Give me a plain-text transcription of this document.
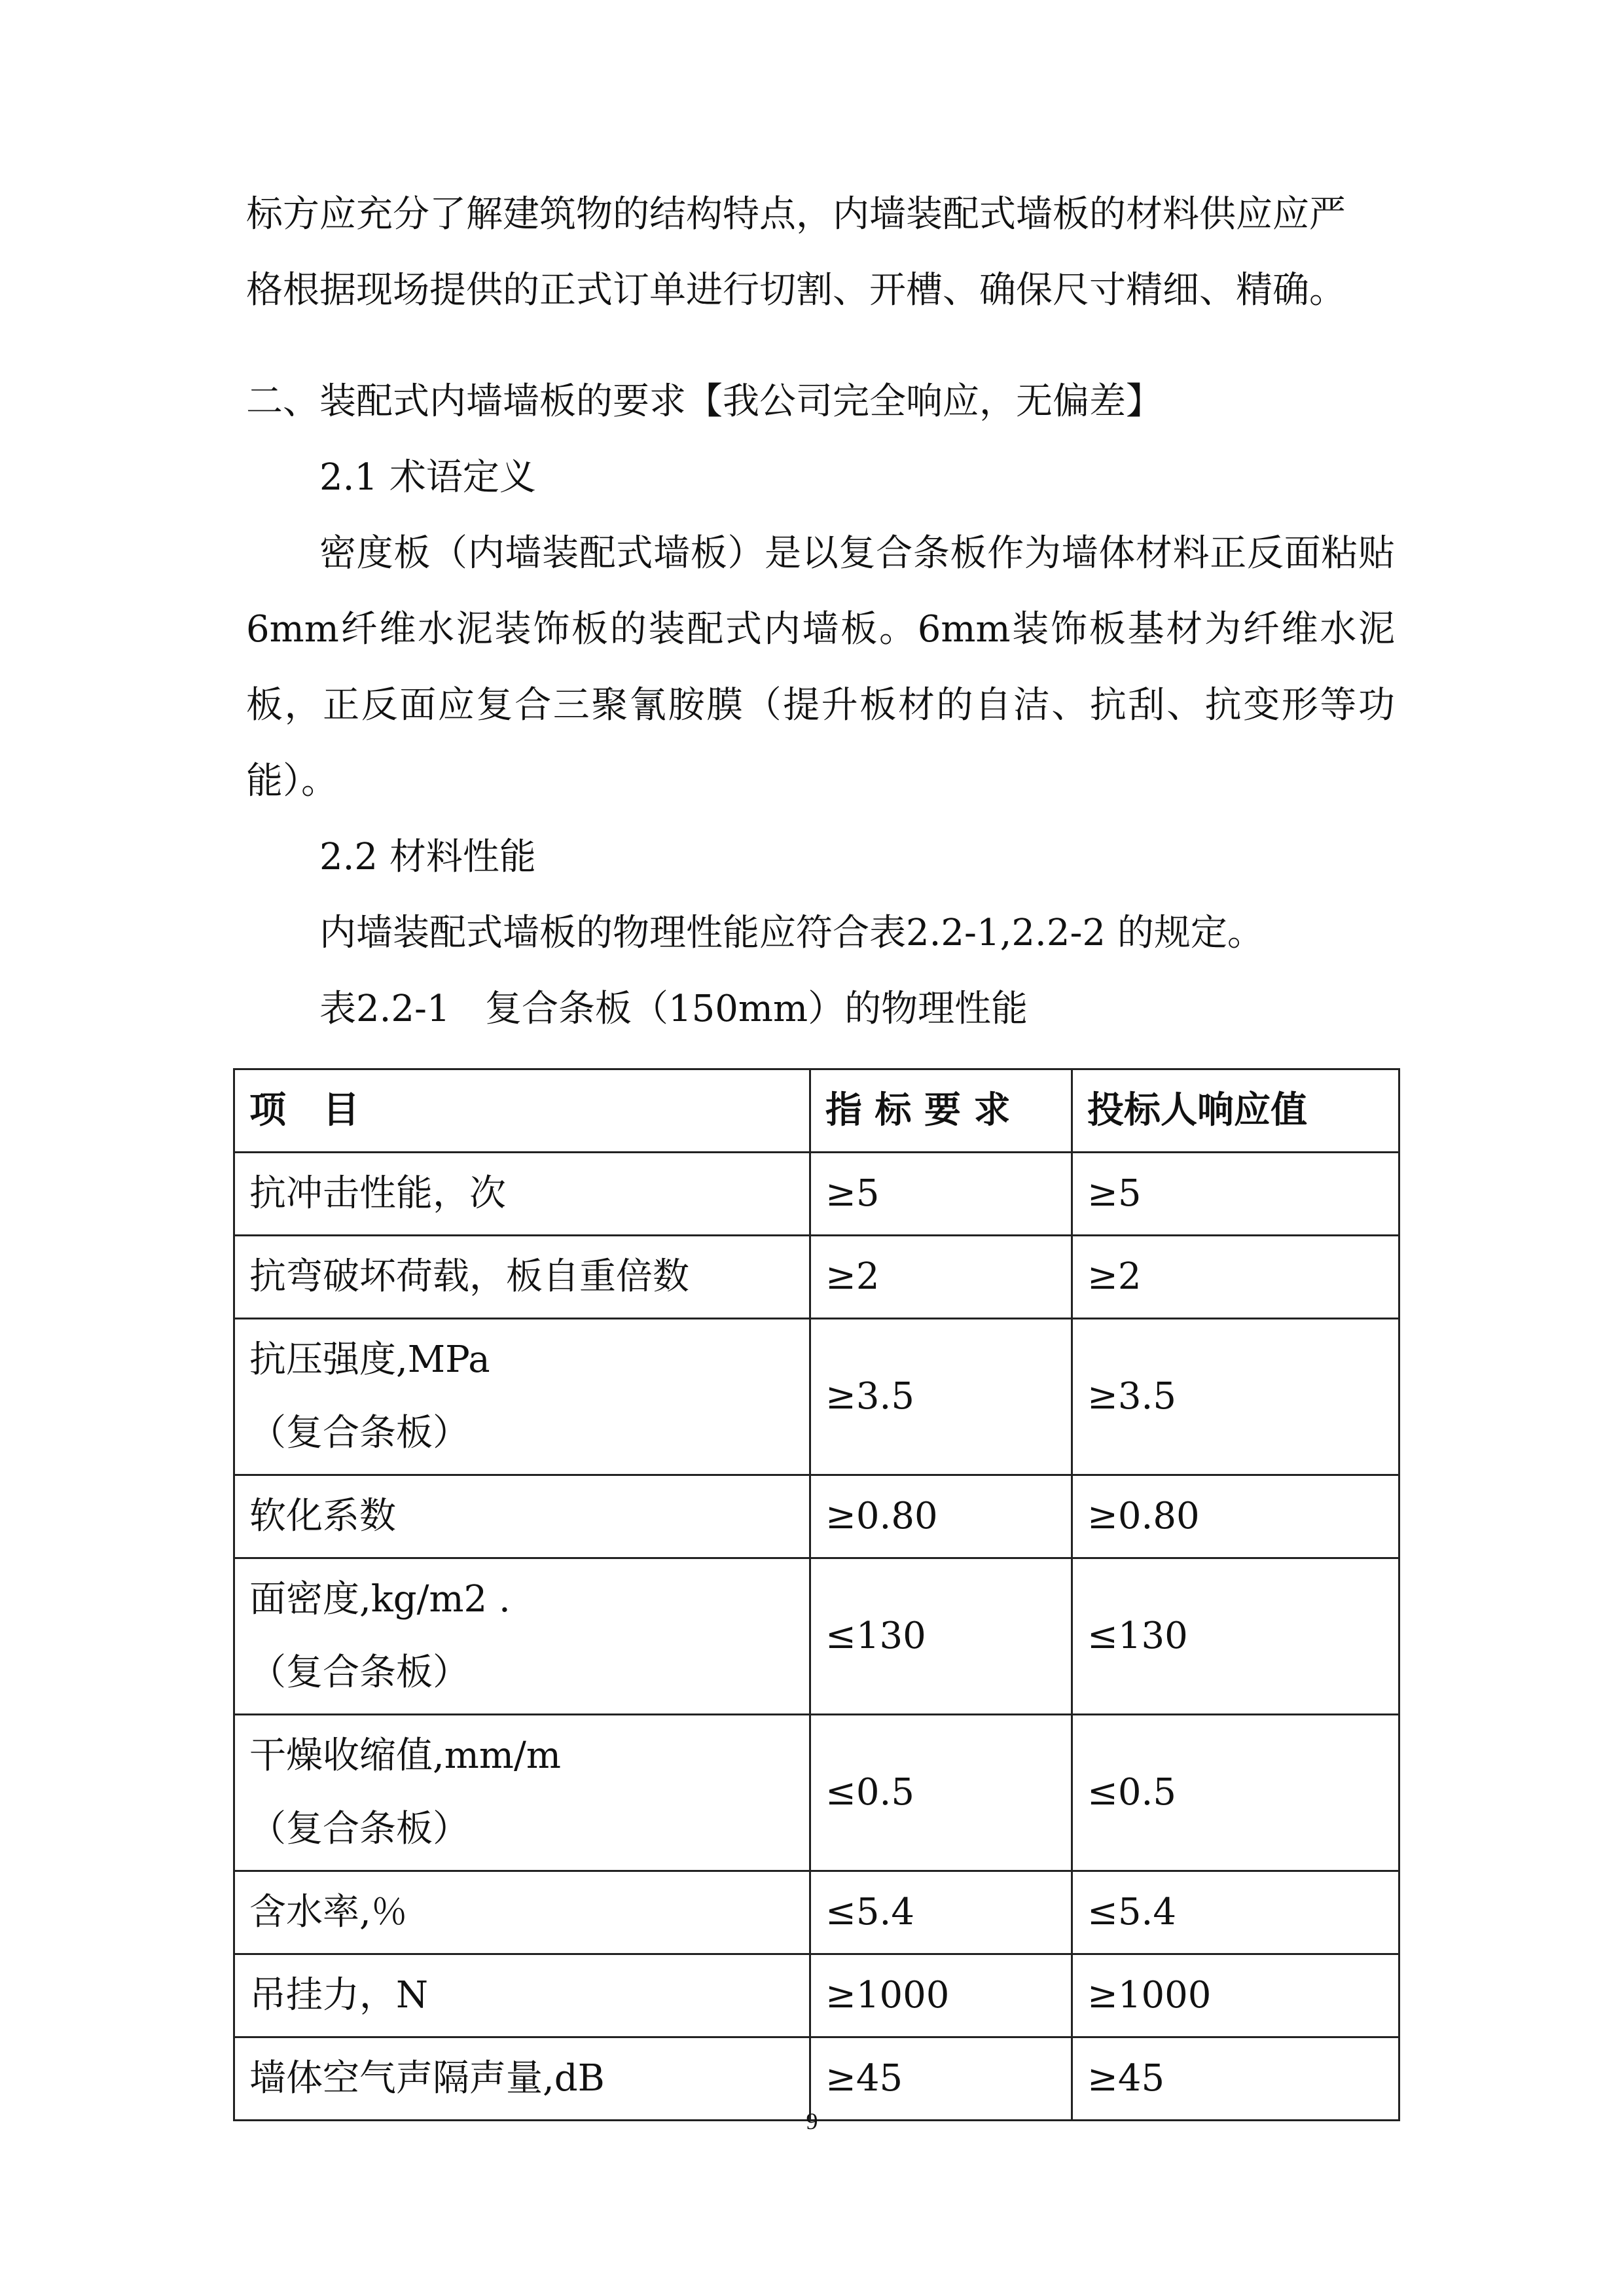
标方应充分了解建筑物的结构特点，内墙装配式墙板的材料供应应严

格根据现场提供的正式订单进行切割、开槽、确保尺寸精细、精确。

二、装配式内墙墙板的要求【我公司完全响应，无偏差】

2.1 术语定义

密度板（内墙装配式墙板）是以复合条板作为墙体材料正反面粘贴6mm纤维水泥装饰板的装配式内墙板。6mm装饰板基材为纤维水泥板，正反面应复合三聚氰胺膜（提升板材的自洁、抗刮、抗变形等功能）。

2.2 材料性能

内墙装配式墙板的物理性能应符合表2.2-1,2.2-2 的规定。

表2.2-1   复合条板（150mm）的物理性能

项　目	指 标 要 求	投标人响应值

抗冲击性能，次	≥5	≥5

抗弯破坏荷载，板自重倍数	≥2	≥2

抗压强度,MPa
（复合条板）	≥3.5	≥3.5

软化系数	≥0.80	≥0.80

面密度,kg/m2 .
（复合条板）	≤130	≤130

干燥收缩值,mm/m
（复合条板）	≤0.5	≤0.5

含水率,％	≤5.4	≤5.4

吊挂力，N	≥1000	≥1000

墙体空气声隔声量,dB	≥45	≥45
9
